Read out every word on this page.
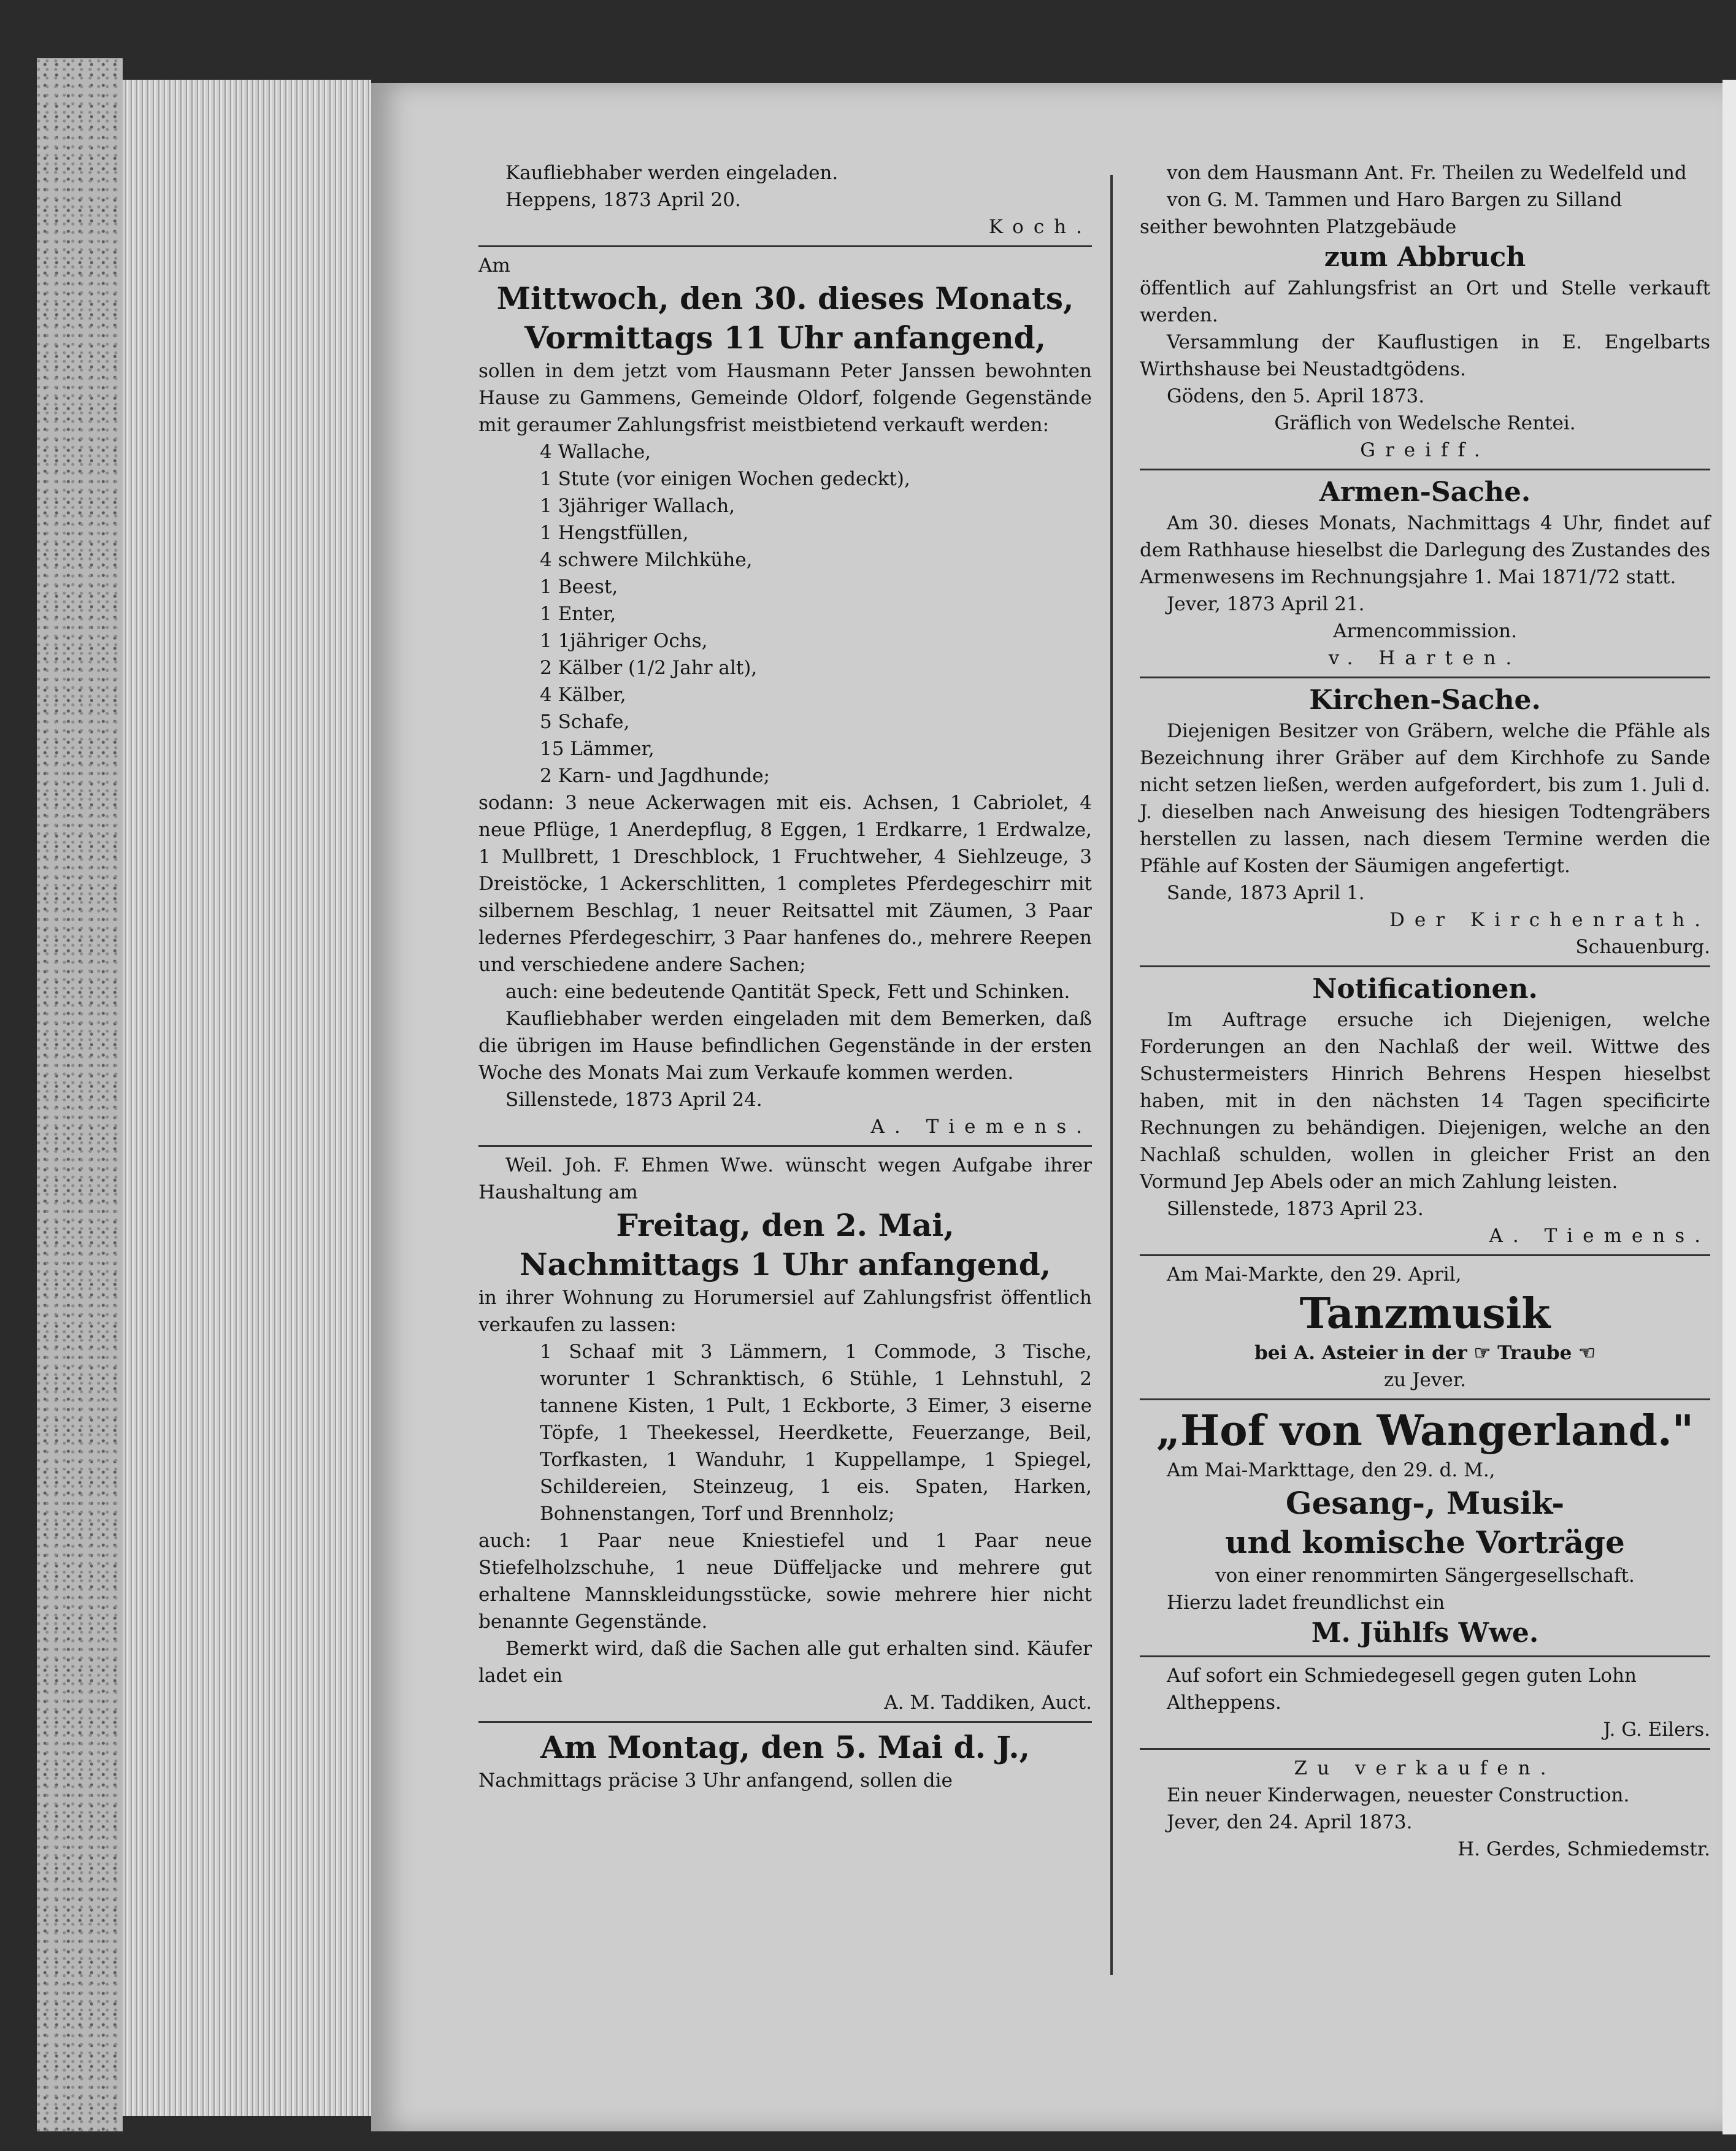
Kaufliebhaber werden eingeladen.

Heppens, 1873 April 20.

Koch.

Am

Mittwoch, den 30. dieses Monats,

Vormittags 11 Uhr anfangend,

sollen in dem jetzt vom Hausmann Peter Janssen bewohnten Hause zu Gammens, Gemeinde Oldorf, folgende Gegenstände mit geraumer Zahlungsfrist meistbietend verkauft werden:

4 Wallache,

1 Stute (vor einigen Wochen gedeckt),

1 3jähriger Wallach,

1 Hengstfüllen,

4 schwere Milchkühe,

1 Beest,

1 Enter,

1 1jähriger Ochs,

2 Kälber (1/2 Jahr alt),

4 Kälber,

5 Schafe,

15 Lämmer,

2 Karn- und Jagdhunde;

sodann: 3 neue Ackerwagen mit eis. Achsen, 1 Cabriolet, 4 neue Pflüge, 1 Anerdepflug, 8 Eggen, 1 Erdkarre, 1 Erdwalze, 1 Mullbrett, 1 Dreschblock, 1 Fruchtweher, 4 Siehlzeuge, 3 Dreistöcke, 1 Ackerschlitten, 1 completes Pferdegeschirr mit silbernem Beschlag, 1 neuer Reitsattel mit Zäumen, 3 Paar ledernes Pferdegeschirr, 3 Paar hanfenes do., mehrere Reepen und verschiedene andere Sachen;

auch: eine bedeutende Qantität Speck, Fett und Schinken.

Kaufliebhaber werden eingeladen mit dem Bemerken, daß die übrigen im Hause befindlichen Gegenstände in der ersten Woche des Monats Mai zum Verkaufe kommen werden.

Sillenstede, 1873 April 24.

A. Tiemens.

Weil. Joh. F. Ehmen Wwe. wünscht wegen Aufgabe ihrer Haushaltung am

Freitag, den 2. Mai,

Nachmittags 1 Uhr anfangend,

in ihrer Wohnung zu Horumersiel auf Zahlungsfrist öffentlich verkaufen zu lassen:

1 Schaaf mit 3 Lämmern, 1 Commode, 3 Tische, worunter 1 Schranktisch, 6 Stühle, 1 Lehnstuhl, 2 tannene Kisten, 1 Pult, 1 Eckborte, 3 Eimer, 3 eiserne Töpfe, 1 Theekessel, Heerdkette, Feuerzange, Beil, Torfkasten, 1 Wanduhr, 1 Kuppellampe, 1 Spiegel, Schildereien, Steinzeug, 1 eis. Spaten, Harken, Bohnenstangen, Torf und Brennholz;

auch: 1 Paar neue Kniestiefel und 1 Paar neue Stiefelholzschuhe, 1 neue Düffeljacke und mehrere gut erhaltene Mannskleidungsstücke, sowie mehrere hier nicht benannte Gegenstände.

Bemerkt wird, daß die Sachen alle gut erhalten sind. Käufer ladet ein

A. M. Taddiken, Auct.

Am Montag, den 5. Mai d. J.,

Nachmittags präcise 3 Uhr anfangend, sollen die

von dem Hausmann Ant. Fr. Theilen zu Wedelfeld und

von G. M. Tammen und Haro Bargen zu Silland

seither bewohnten Platzgebäude

zum Abbruch

öffentlich auf Zahlungsfrist an Ort und Stelle verkauft werden.

Versammlung der Kauflustigen in E. Engelbarts Wirthshause bei Neustadtgödens.

Gödens, den 5. April 1873.

Gräflich von Wedelsche Rentei.

Greiff.

Armen-Sache.

Am 30. dieses Monats, Nachmittags 4 Uhr, findet auf dem Rathhause hieselbst die Darlegung des Zustandes des Armenwesens im Rechnungsjahre 1. Mai 1871/72 statt.

Jever, 1873 April 21.

Armencommission.

v. Harten.

Kirchen-Sache.

Diejenigen Besitzer von Gräbern, welche die Pfähle als Bezeichnung ihrer Gräber auf dem Kirchhofe zu Sande nicht setzen ließen, werden aufgefordert, bis zum 1. Juli d. J. dieselben nach Anweisung des hiesigen Todtengräbers herstellen zu lassen, nach diesem Termine werden die Pfähle auf Kosten der Säumigen angefertigt.

Sande, 1873 April 1.

Der Kirchenrath.

Schauenburg.

Notificationen.

Im Auftrage ersuche ich Diejenigen, welche Forderungen an den Nachlaß der weil. Wittwe des Schustermeisters Hinrich Behrens Hespen hieselbst haben, mit in den nächsten 14 Tagen specificirte Rechnungen zu behändigen. Diejenigen, welche an den Nachlaß schulden, wollen in gleicher Frist an den Vormund Jep Abels oder an mich Zahlung leisten.

Sillenstede, 1873 April 23.

A. Tiemens.

Am Mai-Markte, den 29. April,

Tanzmusik

bei A. Asteier in der ☞ Traube ☜

zu Jever.

„Hof von Wangerland."

Am Mai-Markttage, den 29. d. M.,

Gesang-, Musik-

und komische Vorträge

von einer renommirten Sängergesellschaft.

Hierzu ladet freundlichst ein

M. Jühlfs Wwe.

Auf sofort ein Schmiedegesell gegen guten Lohn

Altheppens.

J. G. Eilers.

Zu verkaufen.

Ein neuer Kinderwagen, neuester Construction.

Jever, den 24. April 1873.

H. Gerdes, Schmiedemstr.
